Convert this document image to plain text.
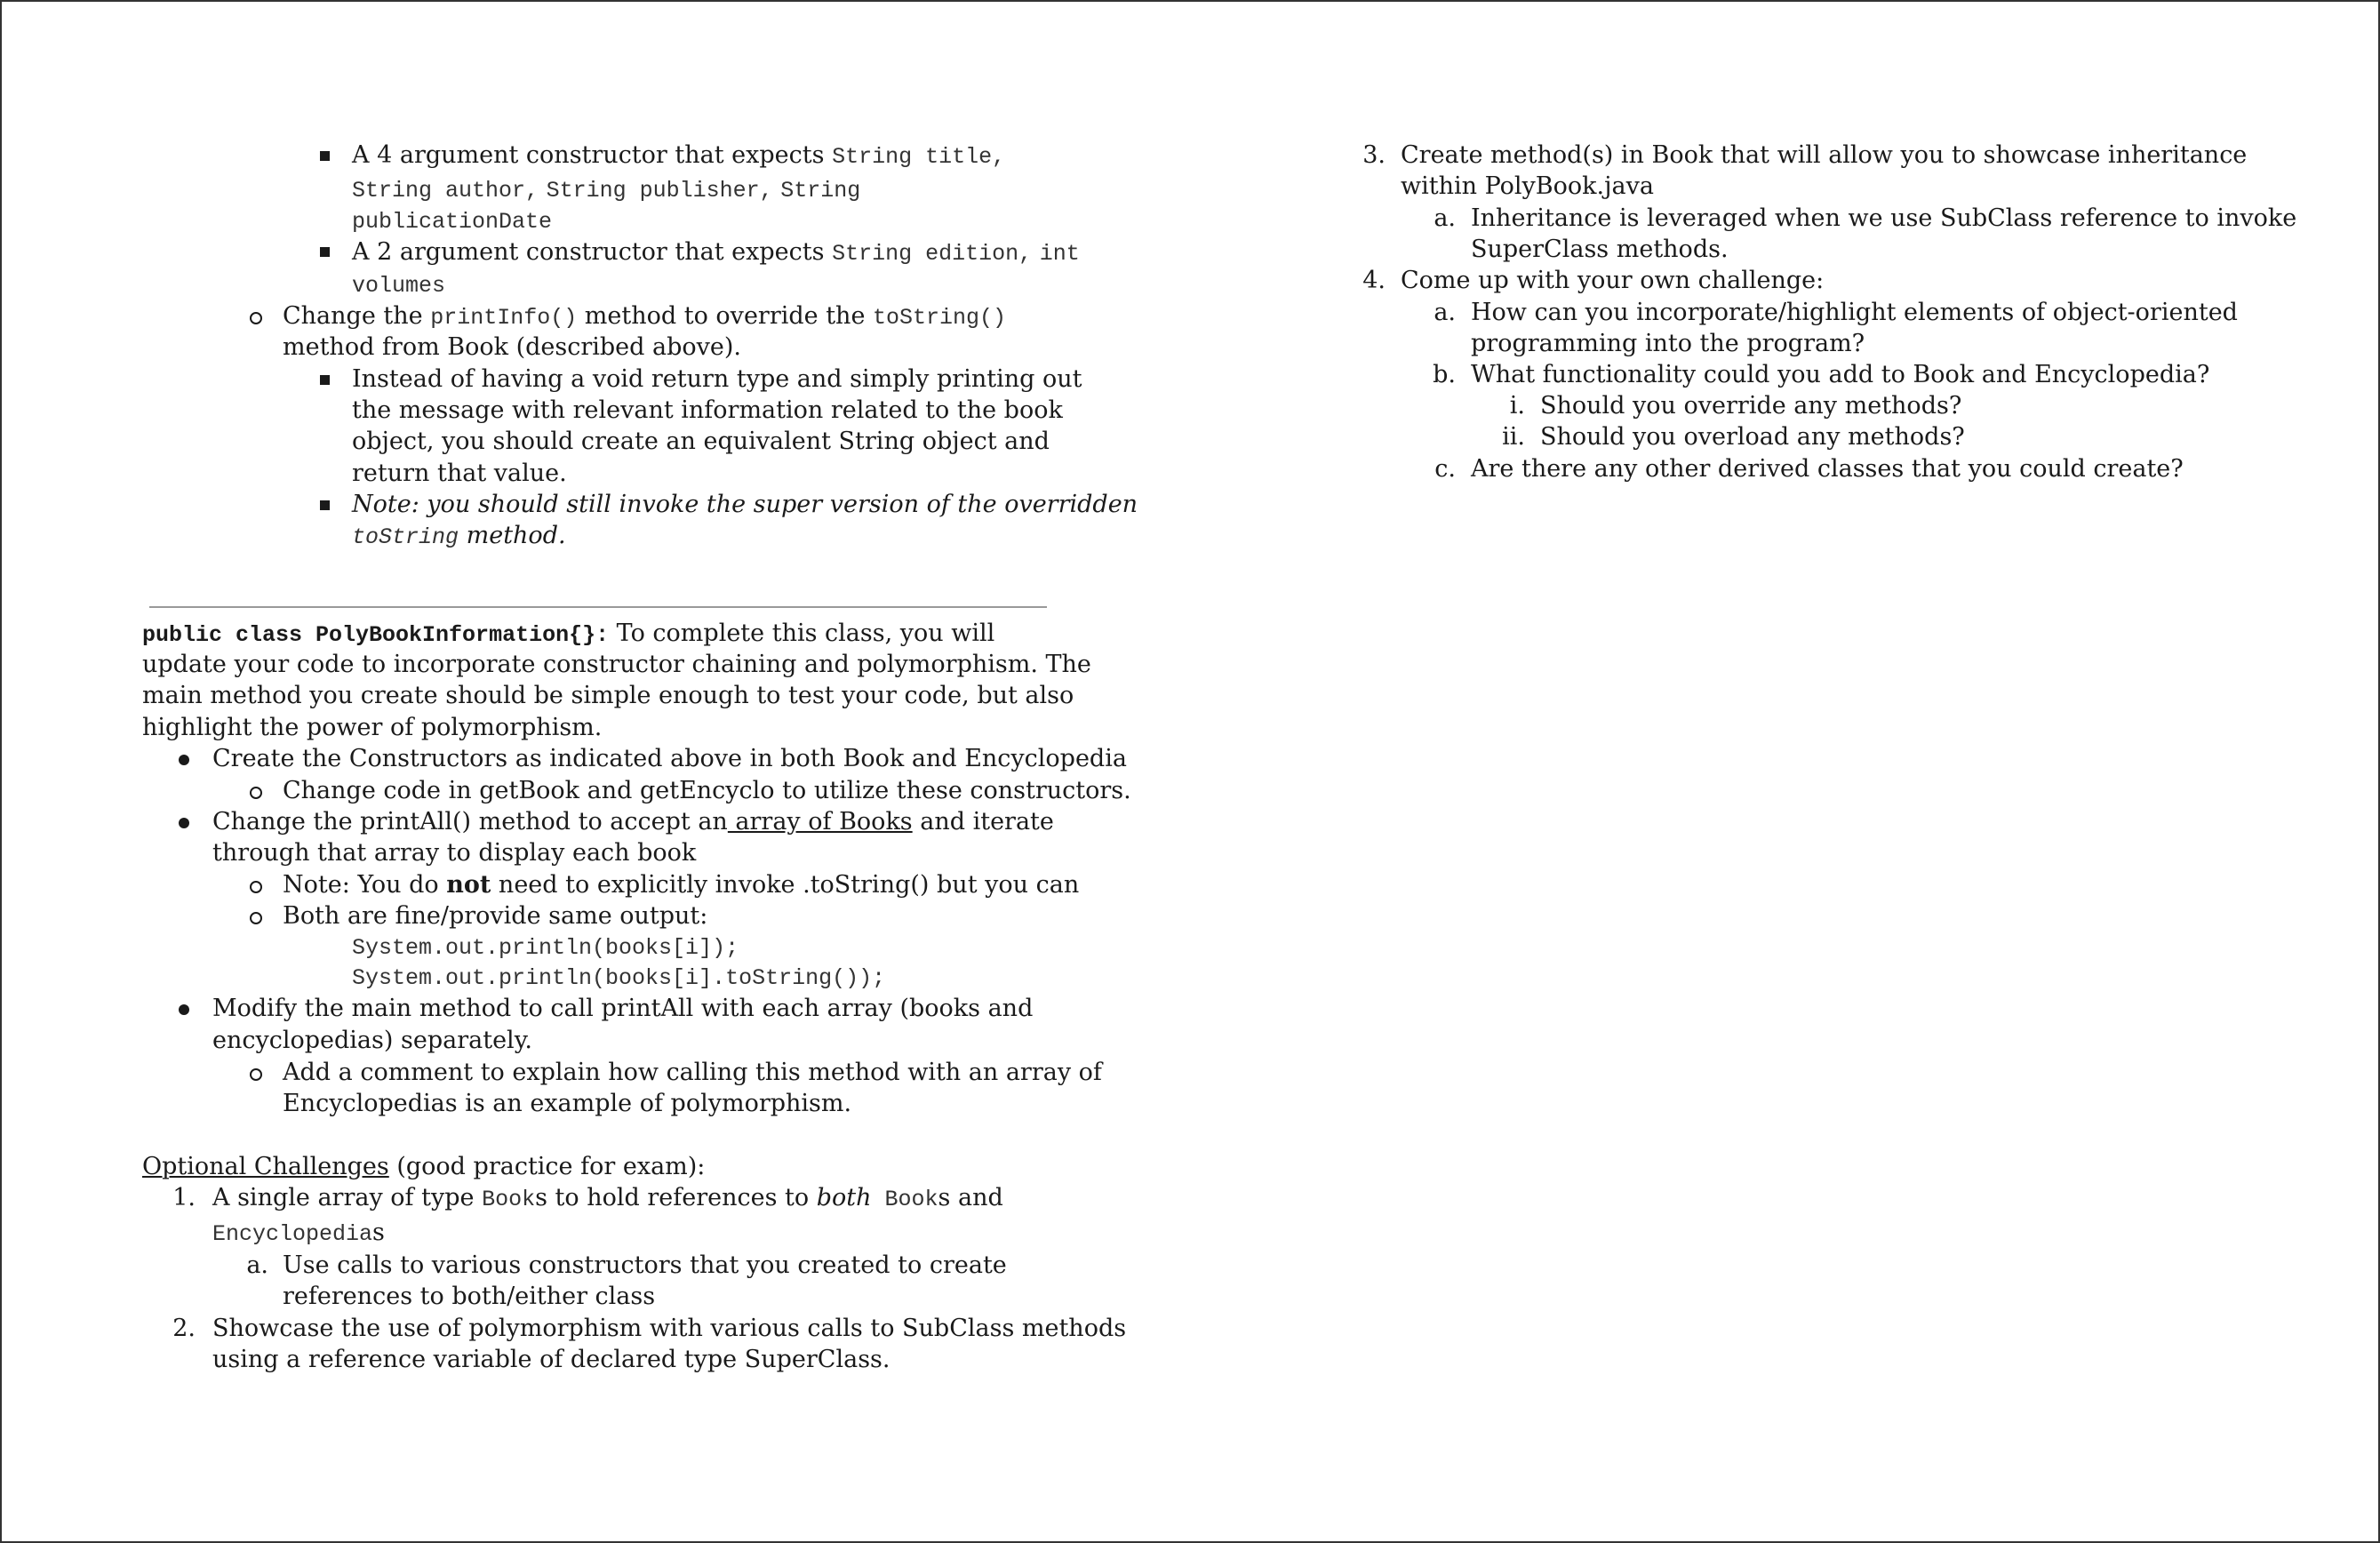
A 4 argument constructor that expects String title,
String author, String publisher, String
publicationDate
A 2 argument constructor that expects String edition, int
volumes
Change the printInfo() method to override the toString()
method from Book (described above).
Instead of having a void return type and simply printing out
the message with relevant information related to the book
object, you should create an equivalent String object and
return that value.
Note: you should still invoke the super version of the overridden
toString method.
public class PolyBookInformation{}: To complete this class, you will
update your code to incorporate constructor chaining and polymorphism. The
main method you create should be simple enough to test your code, but also
highlight the power of polymorphism.
Create the Constructors as indicated above in both Book and Encyclopedia
Change code in getBook and getEncyclo to utilize these constructors.
Change the printAll() method to accept an array of Books and iterate
through that array to display each book
Note: You do not need to explicitly invoke .toString() but you can
Both are fine/provide same output:
System.out.println(books[i]);
System.out.println(books[i].toString());
Modify the main method to call printAll with each array (books and
encyclopedias) separately.
Add a comment to explain how calling this method with an array of
Encyclopedias is an example of polymorphism.
Optional Challenges (good practice for exam):
1. A single array of type Books to hold references to both Books and
Encyclopedias
a. Use calls to various constructors that you created to create
references to both/either class
2. Showcase the use of polymorphism with various calls to SubClass methods
using a reference variable of declared type SuperClass.
3. Create method(s) in Book that will allow you to showcase inheritance
within PolyBook.java
a. Inheritance is leveraged when we use SubClass reference to invoke
SuperClass methods.
4. Come up with your own challenge:
a. How can you incorporate/highlight elements of object-oriented
programming into the program?
b. What functionality could you add to Book and Encyclopedia?
i. Should you override any methods?
ii. Should you overload any methods?
c. Are there any other derived classes that you could create?
